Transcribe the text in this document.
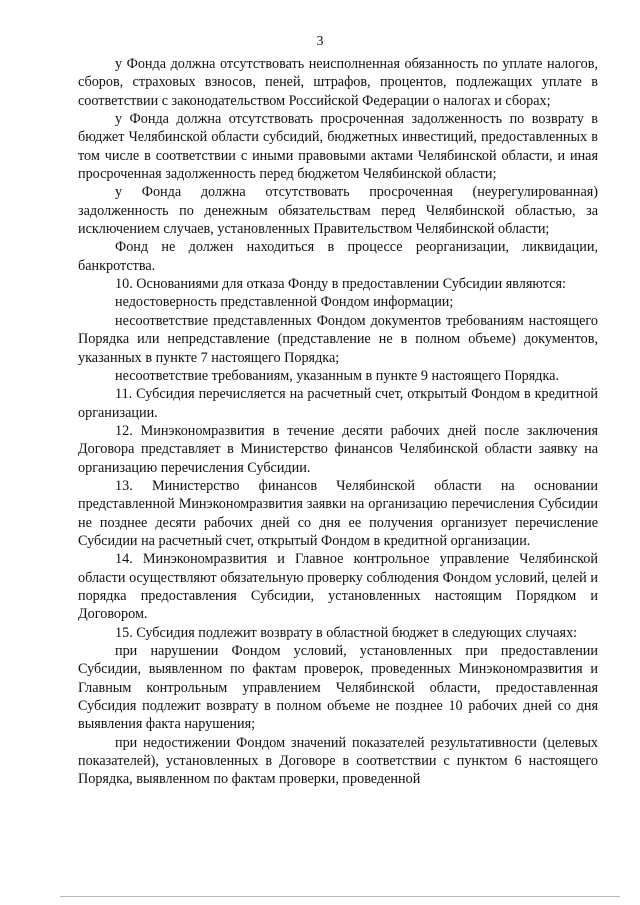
3

у Фонда должна отсутствовать неисполненная обязанность по уплате налогов, сборов, страховых взносов, пеней, штрафов, процентов, подлежащих уплате в соответствии с законодательством Российской Федерации о налогах и сборах;

у Фонда должна отсутствовать просроченная задолженность по возврату в бюджет Челябинской области субсидий, бюджетных инвестиций, предоставленных в том числе в соответствии с иными правовыми актами Челябинской области, и иная просроченная задолженность перед бюджетом Челябинской области;

у Фонда должна отсутствовать просроченная (неурегулированная) задолженность по денежным обязательствам перед Челябинской областью, за исключением случаев, установленных Правительством Челябинской области;

Фонд не должен находиться в процессе реорганизации, ликвидации, банкротства.

10. Основаниями для отказа Фонду в предоставлении Субсидии являются:

недостоверность представленной Фондом информации;

несоответствие представленных Фондом документов требованиям настоящего Порядка или непредставление (представление не в полном объеме) документов, указанных в пункте 7 настоящего Порядка;

несоответствие требованиям, указанным в пункте 9 настоящего Порядка.

11. Субсидия перечисляется на расчетный счет, открытый Фондом в кредитной организации.

12. Минэкономразвития в течение десяти рабочих дней после заключения Договора представляет в Министерство финансов Челябинской области заявку на организацию перечисления Субсидии.

13. Министерство финансов Челябинской области на основании представленной Минэкономразвития заявки на организацию перечисления Субсидии не позднее десяти рабочих дней со дня ее получения организует перечисление Субсидии на расчетный счет, открытый Фондом в кредитной организации.

14. Минэкономразвития и Главное контрольное управление Челябинской области осуществляют обязательную проверку соблюдения Фондом условий, целей и порядка предоставления Субсидии, установленных настоящим Порядком и Договором.

15. Субсидия подлежит возврату в областной бюджет в следующих случаях:

при нарушении Фондом условий, установленных при предоставлении Субсидии, выявленном по фактам проверок, проведенных Минэкономразвития и Главным контрольным управлением Челябинской области, предоставленная Субсидия подлежит возврату в полном объеме не позднее 10 рабочих дней со дня выявления факта нарушения;

при недостижении Фондом значений показателей результативности (целевых показателей), установленных в Договоре в соответствии с пунктом 6 настоящего Порядка, выявленном по фактам проверки, проведенной
